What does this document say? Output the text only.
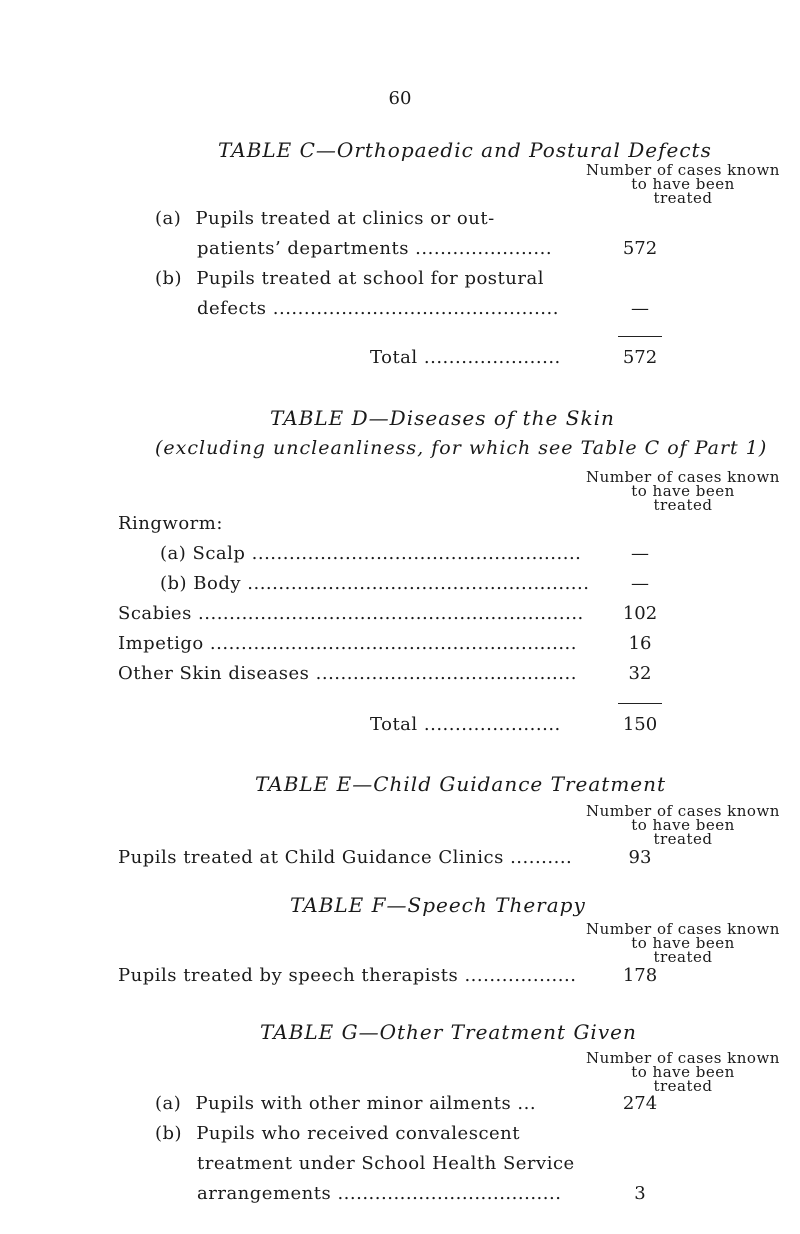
60
TABLE C—Orthopaedic and Postural Defects
Number of cases known
to have been
treated
(a) Pupils treated at clinics or out-
patients’ departments ......................	572
(b) Pupils treated at school for postural
defects ..............................................	—
Total ......................	572
TABLE D—Diseases of the Skin
(excluding uncleanliness, for which see Table C of Part 1)
Number of cases known
to have been
treated
Ringworm:
(a) Scalp .....................................................	—
(b) Body .......................................................	—
Scabies ..............................................................	102
Impetigo ...........................................................	16
Other Skin diseases ..........................................	32
Total ......................	150
TABLE E—Child Guidance Treatment
Number of cases known
to have been
treated
Pupils treated at Child Guidance Clinics ..........	93
TABLE F—Speech Therapy
Number of cases known
to have been
treated
Pupils treated by speech therapists ..................	178
TABLE G—Other Treatment Given
Number of cases known
to have been
treated
(a) Pupils with other minor ailments ...	274
(b) Pupils who received convalescent
treatment under School Health Service
arrangements ....................................	3
